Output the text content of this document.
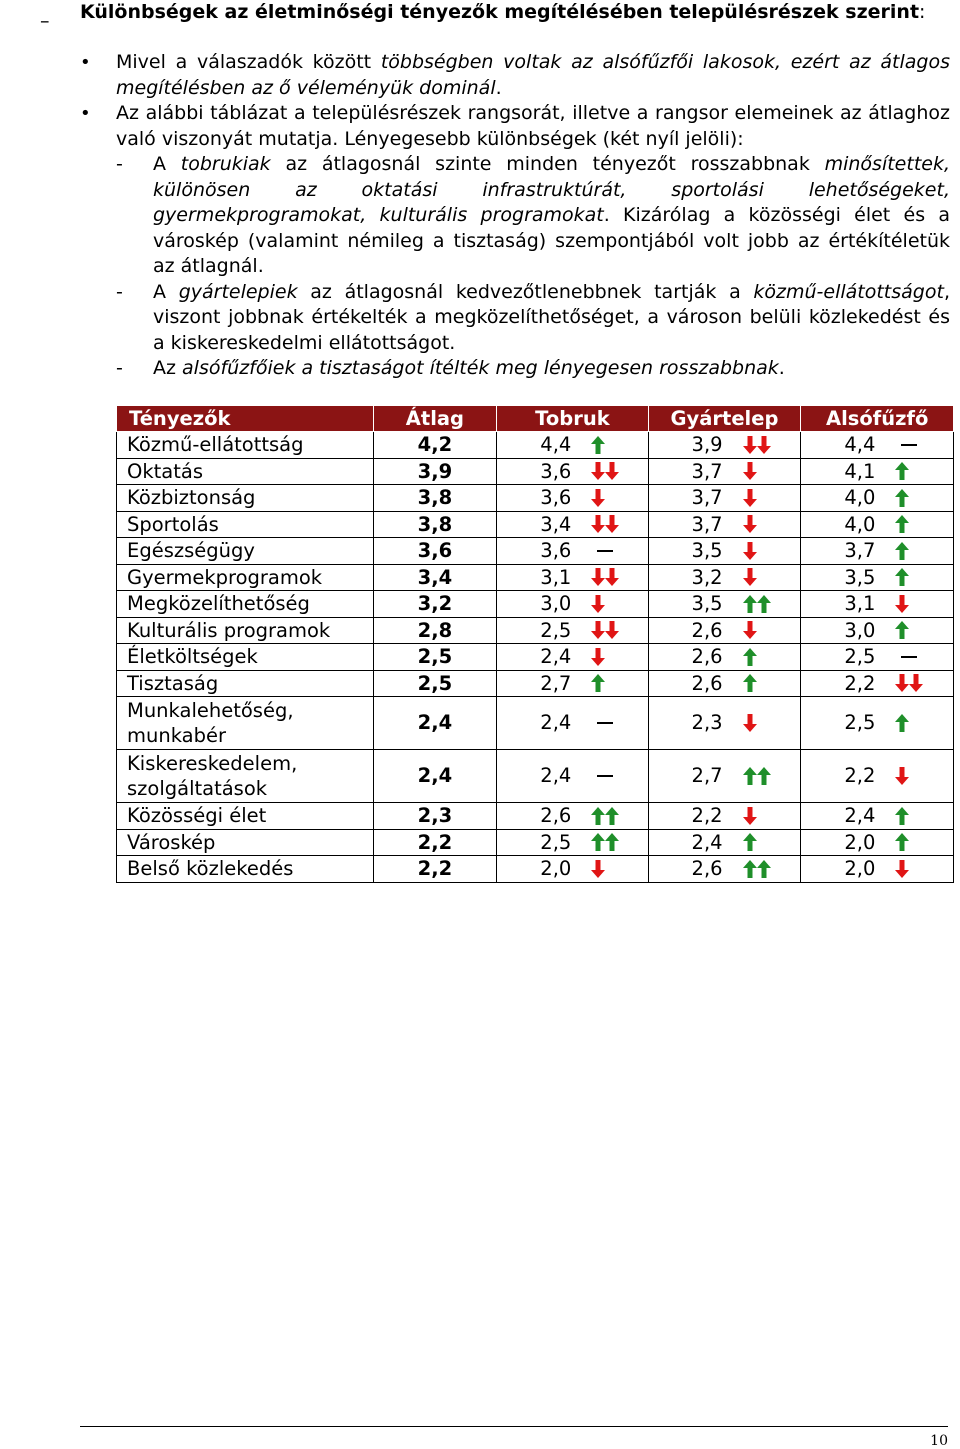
– Különbségek az életminőségi tényezők megítélésében településrészek szerint:
• Mivel a válaszadók között többségben voltak az alsófűzfői lakosok, ezért az átlagos megítélésben az ő véleményük dominál.
• Az alábbi táblázat a településrészek rangsorát, illetve a rangsor elemeinek az átlaghoz való viszonyát mutatja. Lényegesebb különbségek (két nyíl jelöli):
- A tobrukiak az átlagosnál szinte minden tényezőt rosszabbnak minősítettek, különösen az oktatási infrastruktúrát, sportolási lehetőségeket, gyermekprogramokat, kulturális programokat. Kizárólag a közösségi élet és a városkép (valamint némileg a tisztaság) szempontjából volt jobb az értékítéletük az átlagnál.
- A gyártelepiek az átlagosnál kedvezőtlenebbnek tartják a közmű-ellátottságot, viszont jobbnak értékelték a megközelíthetőséget, a városon belüli közlekedést és a kiskereskedelmi ellátottságot.
- Az alsófűzfőiek a tisztaságot ítélték meg lényegesen rosszabbnak.
Tényezők	Átlag	Tobruk	Gyártelep	Alsófűzfő
Közmű-ellátottság	4,2	4,4	3,9	4,4

Oktatás	3,9	3,6	3,7	4,1

Közbiztonság	3,8	3,6	3,7	4,0

Sportolás	3,8	3,4	3,7	4,0

Egészségügy	3,6	3,6	3,5	3,7

Gyermekprogramok	3,4	3,1	3,2	3,5

Megközelíthetőség	3,2	3,0	3,5	3,1

Kulturális programok	2,8	2,5	2,6	3,0

Életköltségek	2,5	2,4	2,6	2,5

Tisztaság	2,5	2,7	2,6	2,2

Munkalehetőség, munkabér	2,4	2,4	2,3	2,5

Kiskereskedelem, szolgáltatások	2,4	2,4	2,7	2,2

Közösségi élet	2,3	2,6	2,2	2,4

Városkép	2,2	2,5	2,4	2,0

Belső közlekedés	2,2	2,0	2,6	2,0
10
